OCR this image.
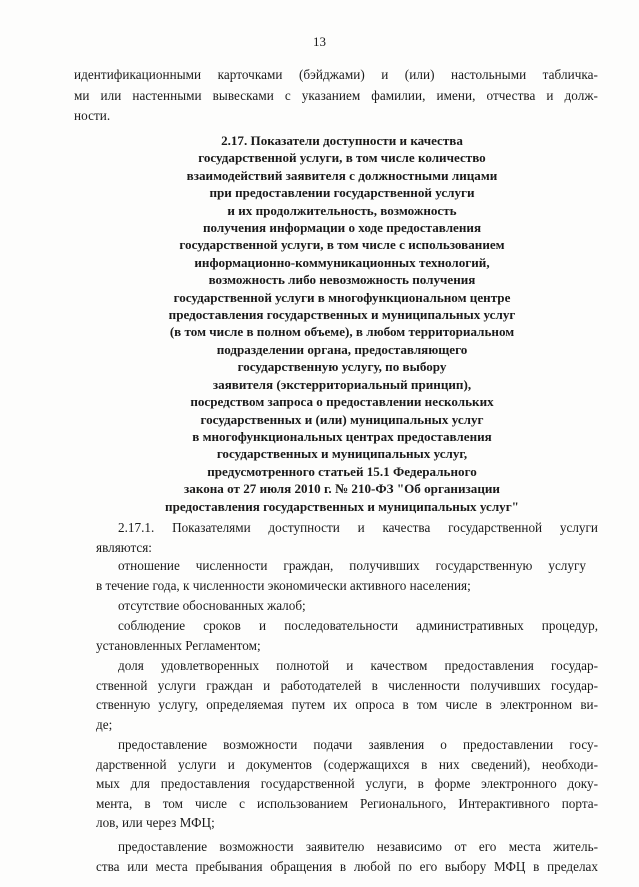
13
идентификационными карточками (бэйджами) и (или) настольными табличка-
ми или настенными вывесками с указанием фамилии, имени, отчества и долж-
ности.
2.17. Показатели доступности и качества
государственной услуги, в том числе количество
взаимодействий заявителя с должностными лицами
при предоставлении государственной услуги
и их продолжительность, возможность
получения информации о ходе предоставления
государственной услуги, в том числе с использованием
информационно-коммуникационных технологий,
возможность либо невозможность получения
государственной услуги в многофункциональном центре
предоставления государственных и муниципальных услуг
(в том числе в полном объеме), в любом территориальном
подразделении органа, предоставляющего
государственную услугу, по выбору
заявителя (экстерриториальный принцип),
посредством запроса о предоставлении нескольких
государственных и (или) муниципальных услуг
в многофункциональных центрах предоставления
государственных и муниципальных услуг,
предусмотренного статьей 15.1 Федерального
закона от 27 июля 2010 г. № 210-ФЗ "Об организации
предоставления государственных и муниципальных услуг"
2.17.1. Показателями доступности и качества государственной услуги
являются:
отношение численности граждан, получивших государственную услугу
в течение года, к численности экономически активного населения;
отсутствие обоснованных жалоб;
соблюдение сроков и последовательности административных процедур,
установленных Регламентом;
доля удовлетворенных полнотой и качеством предоставления государ-
ственной услуги граждан и работодателей в численности получивших государ-
ственную услугу, определяемая путем их опроса в том числе в электронном ви-
де;
предоставление возможности подачи заявления о предоставлении госу-
дарственной услуги и документов (содержащихся в них сведений), необходи-
мых для предоставления государственной услуги, в форме электронного доку-
мента, в том числе с использованием Регионального, Интерактивного порта-
лов, или через МФЦ;
предоставление возможности заявителю независимо от его места житель-
ства или места пребывания обращения в любой по его выбору МФЦ в пределах
